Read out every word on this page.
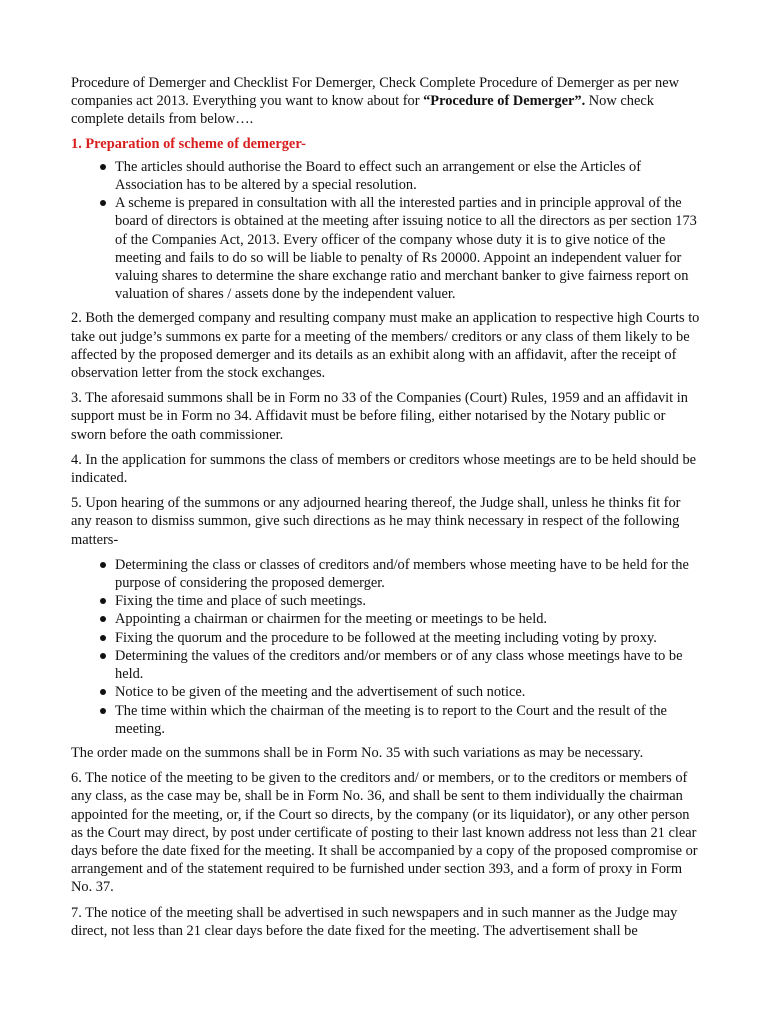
Procedure of Demerger and Checklist For Demerger, Check Complete Procedure of Demerger as per new companies act 2013. Everything you want to know about for “Procedure of Demerger”. Now check complete details from below….

1. Preparation of scheme of demerger-

The articles should authorise the Board to effect such an arrangement or else the Articles of Association has to be altered by a special resolution.
A scheme is prepared in consultation with all the interested parties and in principle approval of the board of directors is obtained at the meeting after issuing notice to all the directors as per section 173 of the Companies Act, 2013. Every officer of the company whose duty it is to give notice of the meeting and fails to do so will be liable to penalty of Rs 20000. Appoint an independent valuer for valuing shares to determine the share exchange ratio and merchant banker to give fairness report on valuation of shares / assets done by the independent valuer.

2. Both the demerged company and resulting company must make an application to respective high Courts to take out judge’s summons ex parte for a meeting of the members/ creditors or any class of them likely to be affected by the proposed demerger and its details as an exhibit along with an affidavit, after the receipt of observation letter from the stock exchanges.

3. The aforesaid summons shall be in Form no 33 of the Companies (Court) Rules, 1959 and an affidavit in support must be in Form no 34. Affidavit must be before filing, either notarised by the Notary public or sworn before the oath commissioner.

4. In the application for summons the class of members or creditors whose meetings are to be held should be indicated.

5. Upon hearing of the summons or any adjourned hearing thereof, the Judge shall, unless he thinks fit for any reason to dismiss summon, give such directions as he may think necessary in respect of the following matters-

Determining the class or classes of creditors and/of members whose meeting have to be held for the purpose of considering the proposed demerger.
Fixing the time and place of such meetings.
Appointing a chairman or chairmen for the meeting or meetings to be held.
Fixing the quorum and the procedure to be followed at the meeting including voting by proxy.
Determining the values of the creditors and/or members or of any class whose meetings have to be held.
Notice to be given of the meeting and the advertisement of such notice.
The time within which the chairman of the meeting is to report to the Court and the result of the meeting.

The order made on the summons shall be in Form No. 35 with such variations as may be necessary.

6. The notice of the meeting to be given to the creditors and/ or members, or to the creditors or members of any class, as the case may be, shall be in Form No. 36, and shall be sent to them individually the chairman appointed for the meeting, or, if the Court so directs, by the company (or its liquidator), or any other person as the Court may direct, by post under certificate of posting to their last known address not less than 21 clear days before the date fixed for the meeting. It shall be accompanied by a copy of the proposed compromise or arrangement and of the statement required to be furnished under section 393, and a form of proxy in Form No. 37.

7. The notice of the meeting shall be advertised in such newspapers and in such manner as the Judge may direct, not less than 21 clear days before the date fixed for the meeting. The advertisement shall be
